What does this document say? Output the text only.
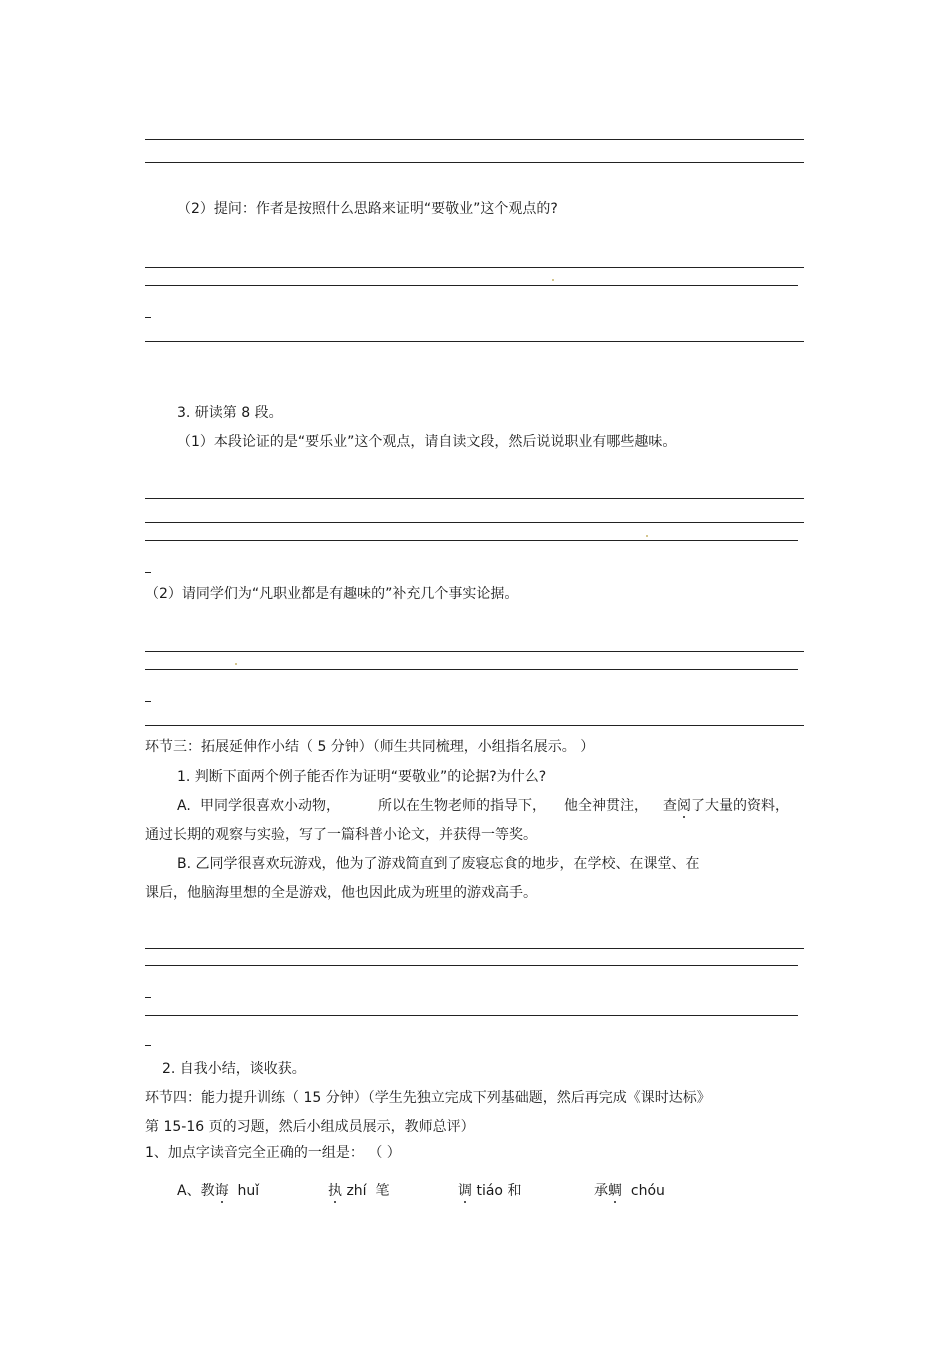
（2）提问：作者是按照什么思路来证明“要敬业”这个观点的?
3. 研读第 8 段。
（1）本段论证的是“要乐业”这个观点，请自读文段，然后说说职业有哪些趣味。
（2）请同学们为“凡职业都是有趣味的”补充几个事实论据。
环节三：拓展延伸作小结（ 5 分钟）（师生共同梳理，小组指名展示。 ）
1. 判断下面两个例子能否作为证明“要敬业”的论据?为什么?
A. 甲同学很喜欢小动物，	所以在生物老师的指导下， 他全神贯注， 查阅了大量的资料，
通过长期的观察与实验，写了一篇科普小论文，并获得一等奖。
B. 乙同学很喜欢玩游戏，他为了游戏简直到了废寝忘食的地步，在学校、在课堂、在
课后，他脑海里想的全是游戏，他也因此成为班里的游戏高手。
2. 自我小结，谈收获。
环节四：能力提升训练（ 15 分钟）（学生先独立完成下列基础题，然后再完成《课时达标》
第 15-16 页的习题，然后小组成员展示，教师总评）
1、加点字读音完全正确的一组是： （ ）
A、教诲 huǐ	执 zhí 笔	调 tiáo 和	承蜩 chóu
